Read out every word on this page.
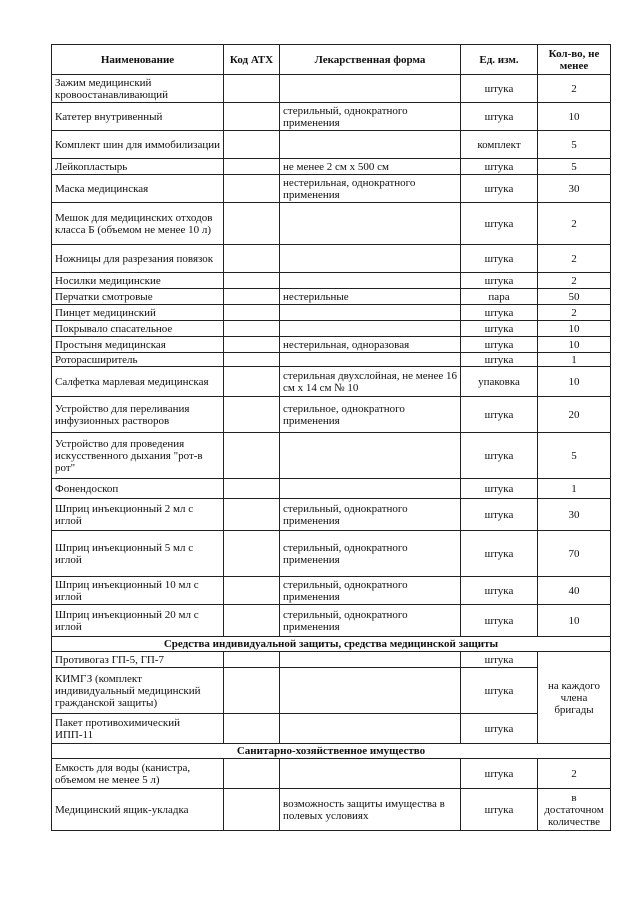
Наименование	Код АТХ	Лекарственная форма	Ед. изм.	Кол-во, не менее
Зажим медицинский кровоостанавливающий			штука	2
Катетер внутривенный		стерильный, однократного применения	штука	10
Комплект шин для иммобилизации			комплект	5
Лейкопластырь		не менее 2 см x 500 см	штука	5
Маска медицинская		нестерильная, однократного применения	штука	30
Мешок для медицинских отходов класса Б (объемом не менее 10 л)			штука	2
Ножницы для разрезания повязок			штука	2
Носилки медицинские			штука	2
Перчатки смотровые		нестерильные	пара	50
Пинцет медицинский			штука	2
Покрывало спасательное			штука	10
Простыня медицинская		нестерильная, одноразовая	штука	10
Роторасширитель			штука	1
Салфетка марлевая медицинская		стерильная двухслойная, не менее 16 см x 14 см № 10	упаковка	10
Устройство для переливания инфузионных растворов		стерильное, однократного применения	штука	20
Устройство для проведения искусственного дыхания "рот-в рот"			штука	5
Фонендоскоп			штука	1
Шприц инъекционный 2 мл с иглой		стерильный, однократного применения	штука	30
Шприц инъекционный 5 мл с иглой		стерильный, однократного применения	штука	70
Шприц инъекционный 10 мл с иглой		стерильный, однократного применения	штука	40
Шприц инъекционный 20 мл с иглой		стерильный, однократного применения	штука	10
Средства индивидуальной защиты, средства медицинской защиты				
Противогаз ГП-5, ГП-7			штука	на каждого члена бригады
КИМГЗ (комплект индивидуальный медицинский гражданской защиты)			штука	
Пакет противохимический ИПП-11			штука	
Санитарно-хозяйственное имущество				
Емкость для воды (канистра, объемом не менее 5 л)			штука	2
Медицинский ящик-укладка		возможность защиты имущества в полевых условиях	штука	в достаточном количестве
